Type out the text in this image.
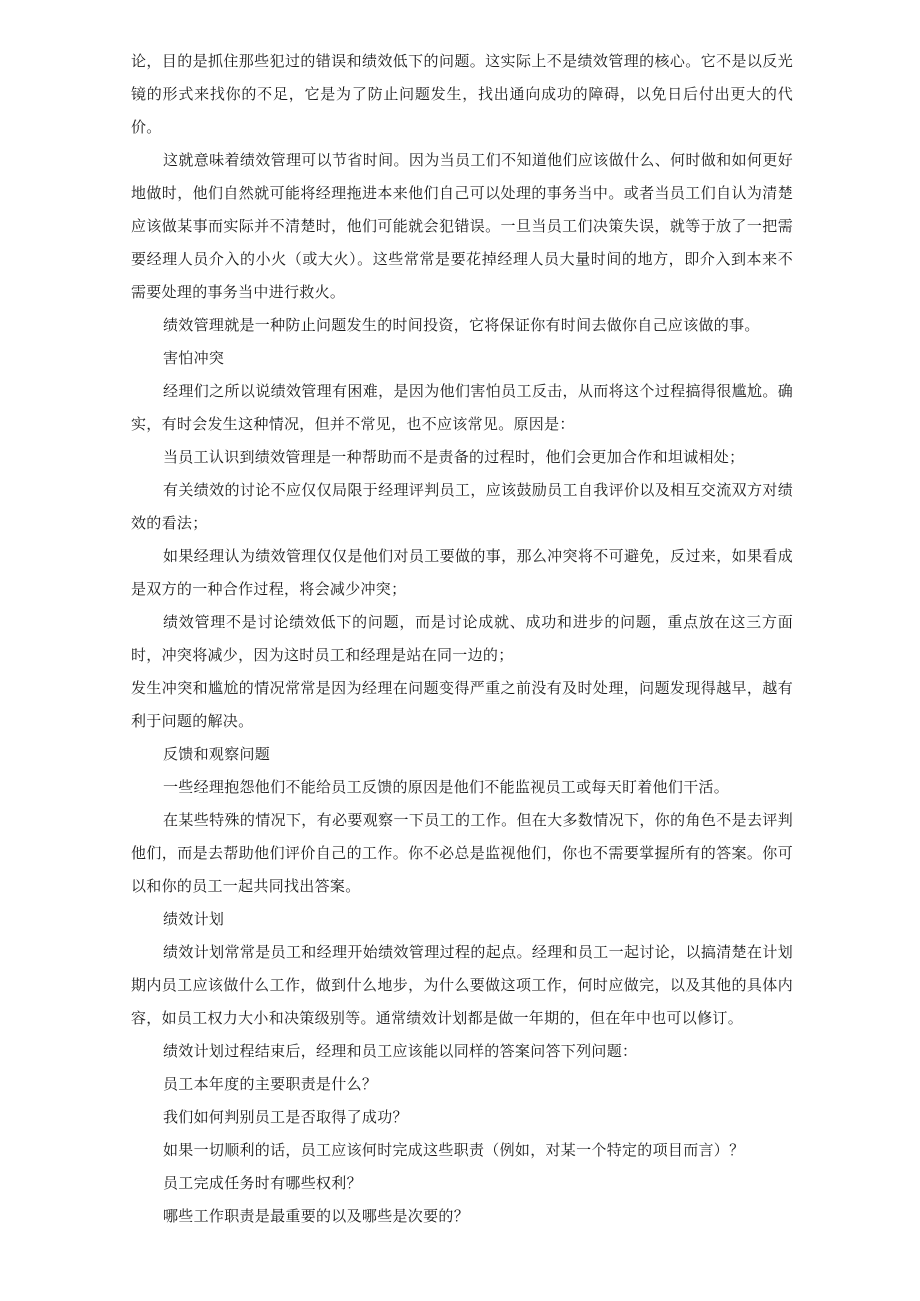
论，目的是抓住那些犯过的错误和绩效低下的问题。这实际上不是绩效管理的核心。它不是以反光镜的形式来找你的不足，它是为了防止问题发生，找出通向成功的障碍，以免日后付出更大的代价。

这就意味着绩效管理可以节省时间。因为当员工们不知道他们应该做什么、何时做和如何更好地做时，他们自然就可能将经理拖进本来他们自己可以处理的事务当中。或者当员工们自认为清楚应该做某事而实际并不清楚时，他们可能就会犯错误。一旦当员工们决策失误，就等于放了一把需要经理人员介入的小火（或大火）。这些常常是要花掉经理人员大量时间的地方，即介入到本来不需要处理的事务当中进行救火。

绩效管理就是一种防止问题发生的时间投资，它将保证你有时间去做你自己应该做的事。

害怕冲突

经理们之所以说绩效管理有困难，是因为他们害怕员工反击，从而将这个过程搞得很尴尬。确实，有时会发生这种情况，但并不常见，也不应该常见。原因是：

当员工认识到绩效管理是一种帮助而不是责备的过程时，他们会更加合作和坦诚相处；

有关绩效的讨论不应仅仅局限于经理评判员工，应该鼓励员工自我评价以及相互交流双方对绩效的看法；

如果经理认为绩效管理仅仅是他们对员工要做的事，那么冲突将不可避免，反过来，如果看成是双方的一种合作过程，将会减少冲突；

绩效管理不是讨论绩效低下的问题，而是讨论成就、成功和进步的问题，重点放在这三方面时，冲突将减少，因为这时员工和经理是站在同一边的；

发生冲突和尴尬的情况常常是因为经理在问题变得严重之前没有及时处理，问题发现得越早，越有利于问题的解决。

反馈和观察问题

一些经理抱怨他们不能给员工反馈的原因是他们不能监视员工或每天盯着他们干活。

在某些特殊的情况下，有必要观察一下员工的工作。但在大多数情况下，你的角色不是去评判他们，而是去帮助他们评价自己的工作。你不必总是监视他们，你也不需要掌握所有的答案。你可以和你的员工一起共同找出答案。

绩效计划

绩效计划常常是员工和经理开始绩效管理过程的起点。经理和员工一起讨论，以搞清楚在计划期内员工应该做什么工作，做到什么地步，为什么要做这项工作，何时应做完，以及其他的具体内容，如员工权力大小和决策级别等。通常绩效计划都是做一年期的，但在年中也可以修订。

绩效计划过程结束后，经理和员工应该能以同样的答案问答下列问题：

员工本年度的主要职责是什么？

我们如何判别员工是否取得了成功？

如果一切顺利的话，员工应该何时完成这些职责（例如，对某一个特定的项目而言）？

员工完成任务时有哪些权利？

哪些工作职责是最重要的以及哪些是次要的？
